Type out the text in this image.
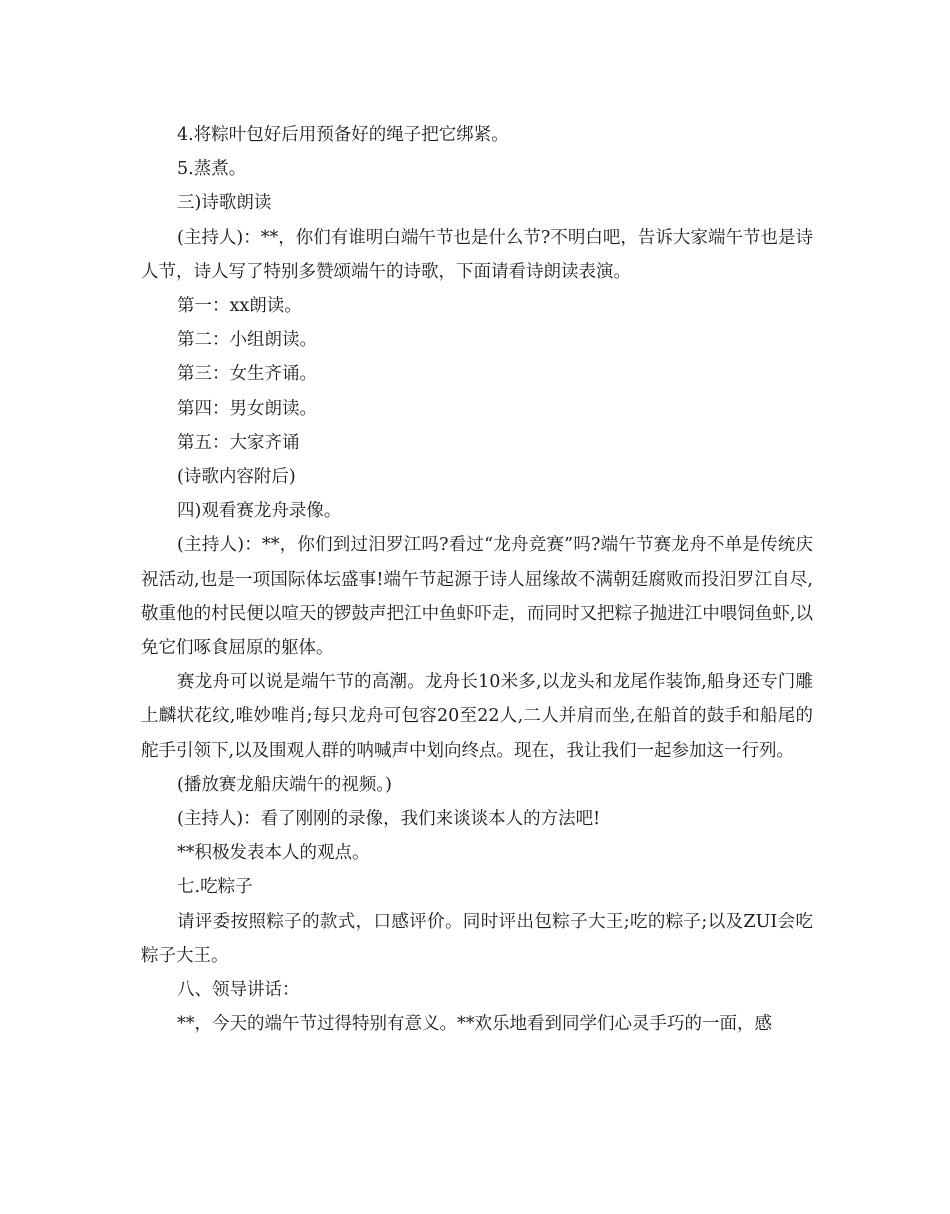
4.将粽叶包好后用预备好的绳子把它绑紧。

5.蒸煮。

三)诗歌朗读

(主持人)：**，你们有谁明白端午节也是什么节?不明白吧，告诉大家端午节也是诗人节，诗人写了特别多赞颂端午的诗歌，下面请看诗朗读表演。

第一：xx朗读。

第二：小组朗读。

第三：女生齐诵。

第四：男女朗读。

第五：大家齐诵

(诗歌内容附后)

四)观看赛龙舟录像。

(主持人)：**，你们到过汨罗江吗?看过“龙舟竞赛”吗?端午节赛龙舟不单是传统庆祝活动,也是一项国际体坛盛事!端午节起源于诗人屈缘故不满朝廷腐败而投汨罗江自尽,敬重他的村民便以喧天的锣鼓声把江中鱼虾吓走，而同时又把粽子抛进江中喂饲鱼虾,以免它们啄食屈原的躯体。

赛龙舟可以说是端午节的高潮。龙舟长10米多,以龙头和龙尾作装饰,船身还专门雕上麟状花纹,唯妙唯肖;每只龙舟可包容20至22人,二人并肩而坐,在船首的鼓手和船尾的舵手引领下,以及围观人群的呐喊声中划向终点。现在，我让我们一起参加这一行列。

(播放赛龙船庆端午的视频。)

(主持人)：看了刚刚的录像，我们来谈谈本人的方法吧!

**积极发表本人的观点。

七.吃粽子

请评委按照粽子的款式，口感评价。同时评出包粽子大王;吃的粽子;以及ZUI会吃粽子大王。

八、领导讲话：

**，今天的端午节过得特别有意义。**欢乐地看到同学们心灵手巧的一面，感
